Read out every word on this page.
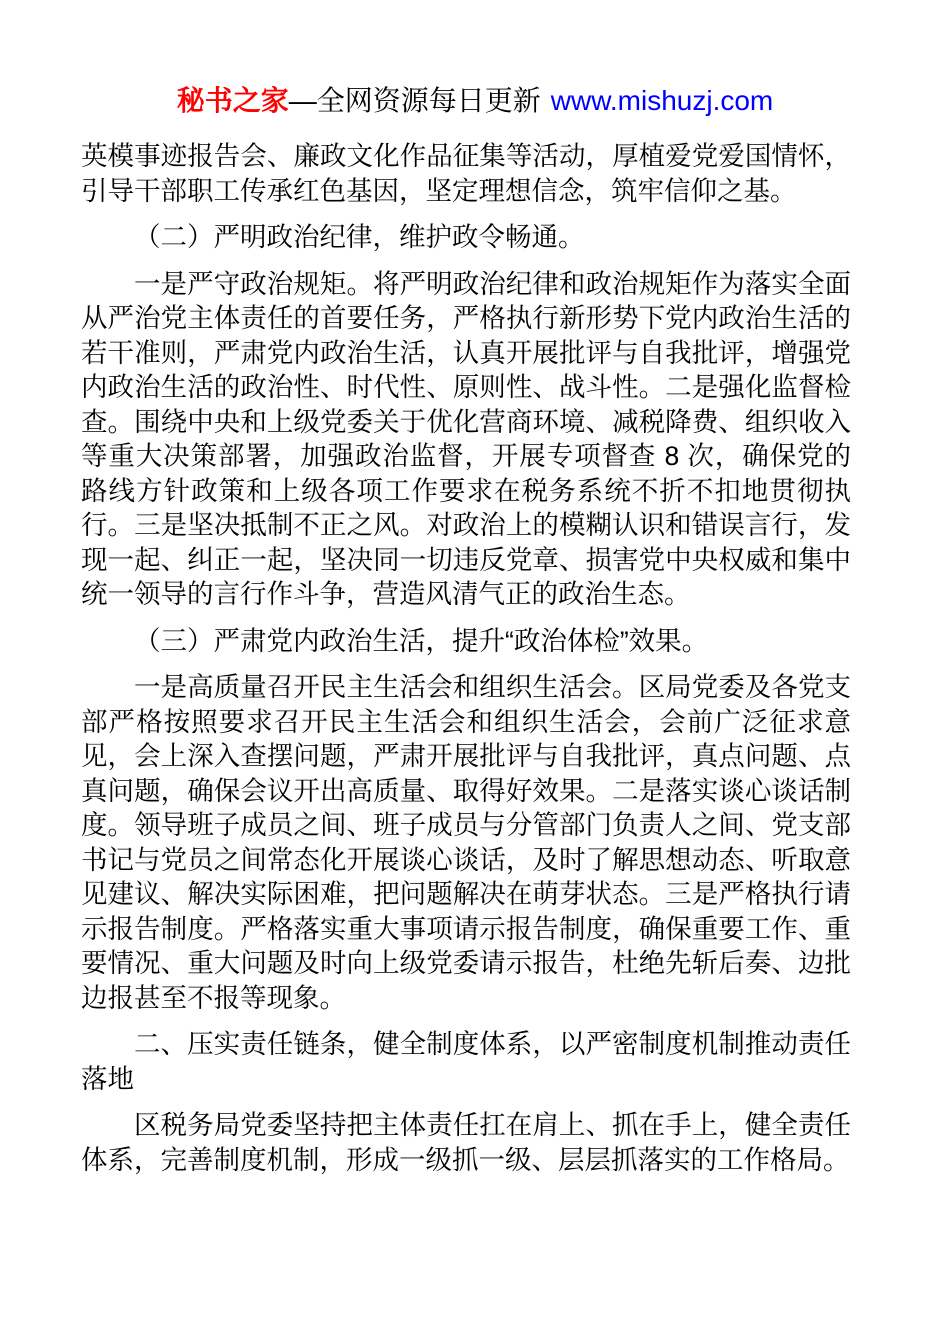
秘书之家—全网资源每日更新 www.mishuzj.com

英模事迹报告会、廉政文化作品征集等活动，厚植爱党爱国情怀，引导干部职工传承红色基因，坚定理想信念，筑牢信仰之基。

（二）严明政治纪律，维护政令畅通。

一是严守政治规矩。将严明政治纪律和政治规矩作为落实全面从严治党主体责任的首要任务，严格执行新形势下党内政治生活的若干准则，严肃党内政治生活，认真开展批评与自我批评，增强党内政治生活的政治性、时代性、原则性、战斗性。二是强化监督检查。围绕中央和上级党委关于优化营商环境、减税降费、组织收入等重大决策部署，加强政治监督，开展专项督查 8 次，确保党的路线方针政策和上级各项工作要求在税务系统不折不扣地贯彻执行。三是坚决抵制不正之风。对政治上的模糊认识和错误言行，发现一起、纠正一起，坚决同一切违反党章、损害党中央权威和集中统一领导的言行作斗争，营造风清气正的政治生态。

（三）严肃党内政治生活，提升“政治体检”效果。

一是高质量召开民主生活会和组织生活会。区局党委及各党支部严格按照要求召开民主生活会和组织生活会，会前广泛征求意见，会上深入查摆问题，严肃开展批评与自我批评，真点问题、点真问题，确保会议开出高质量、取得好效果。二是落实谈心谈话制度。领导班子成员之间、班子成员与分管部门负责人之间、党支部书记与党员之间常态化开展谈心谈话，及时了解思想动态、听取意见建议、解决实际困难，把问题解决在萌芽状态。三是严格执行请示报告制度。严格落实重大事项请示报告制度，确保重要工作、重要情况、重大问题及时向上级党委请示报告，杜绝先斩后奏、边批边报甚至不报等现象。

二、压实责任链条，健全制度体系，以严密制度机制推动责任落地

区税务局党委坚持把主体责任扛在肩上、抓在手上，健全责任体系，完善制度机制，形成一级抓一级、层层抓落实的工作格局。
